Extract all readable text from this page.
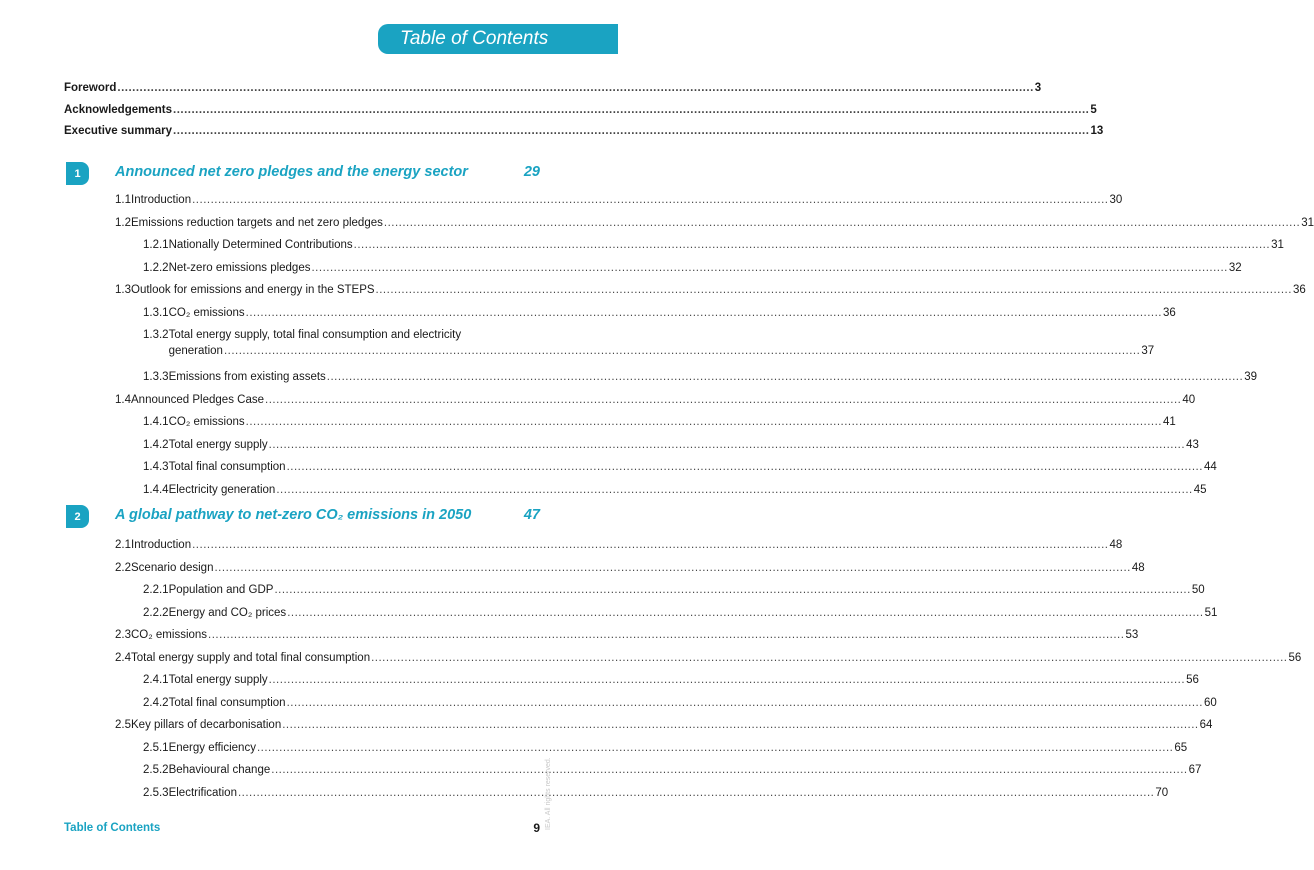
Table of Contents
Foreword .....	3
Acknowledgements .....	5
Executive summary .....	13
1	Announced net zero pledges and the energy sector	29
1.1 Introduction .....	30
1.2 Emissions reduction targets and net zero pledges .....	31
1.2.1 Nationally Determined Contributions .....	31
1.2.2 Net-zero emissions pledges .....	32
1.3 Outlook for emissions and energy in the STEPS .....	36
1.3.1 CO₂ emissions .....	36
1.3.2 Total energy supply, total final consumption and electricity
generation .....	37
1.3.3 Emissions from existing assets .....	39
1.4 Announced Pledges Case .....	40
1.4.1 CO₂ emissions .....	41
1.4.2 Total energy supply .....	43
1.4.3 Total final consumption .....	44
1.4.4 Electricity generation .....	45
2	A global pathway to net-zero CO₂ emissions in 2050	47
2.1 Introduction .....	48
2.2 Scenario design .....	48
2.2.1 Population and GDP .....	50
2.2.2 Energy and CO₂ prices .....	51
2.3 CO₂ emissions .....	53
2.4 Total energy supply and total final consumption .....	56
2.4.1 Total energy supply .....	56
2.4.2 Total final consumption .....	60
2.5 Key pillars of decarbonisation .....	64
2.5.1 Energy efficiency .....	65
2.5.2 Behavioural change .....	67
2.5.3 Electrification .....	70
Table of Contents	9 IEA. All rights reserved.
